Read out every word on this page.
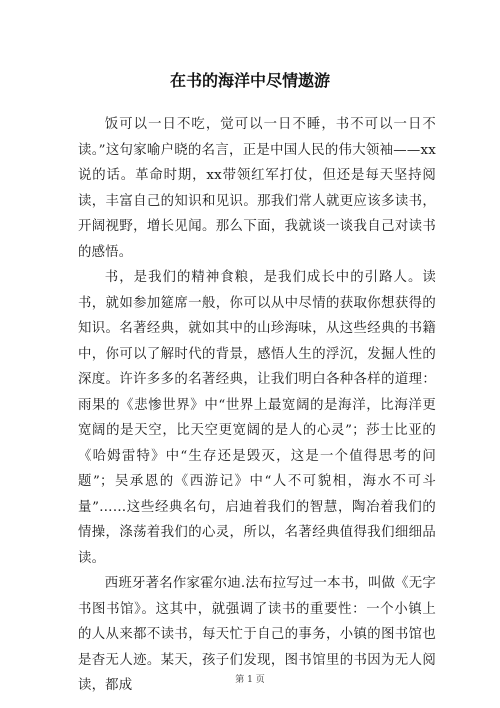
在书的海洋中尽情遨游

饭可以一日不吃，觉可以一日不睡，书不可以一日不读。”这句家喻户晓的名言，正是中国人民的伟大领袖——xx说的话。革命时期，xx带领红军打仗，但还是每天坚持阅读，丰富自己的知识和见识。那我们常人就更应该多读书，开阔视野，增长见闻。那么下面，我就谈一谈我自己对读书的感悟。

书，是我们的精神食粮，是我们成长中的引路人。读书，就如参加筵席一般，你可以从中尽情的获取你想获得的知识。名著经典，就如其中的山珍海味，从这些经典的书籍中，你可以了解时代的背景，感悟人生的浮沉，发掘人性的深度。许许多多的名著经典，让我们明白各种各样的道理：雨果的《悲惨世界》中“世界上最宽阔的是海洋，比海洋更宽阔的是天空，比天空更宽阔的是人的心灵”；莎士比亚的《哈姆雷特》中“生存还是毁灭，这是一个值得思考的问题”；吴承恩的《西游记》中“人不可貌相，海水不可斗量”……这些经典名句，启迪着我们的智慧，陶冶着我们的情操，涤荡着我们的心灵，所以，名著经典值得我们细细品读。

西班牙著名作家霍尔迪.法布拉写过一本书，叫做《无字书图书馆》。这其中，就强调了读书的重要性：一个小镇上的人从来都不读书，每天忙于自己的事务，小镇的图书馆也是杳无人迹。某天，孩子们发现，图书馆里的书因为无人阅读，都成	第 1 页
